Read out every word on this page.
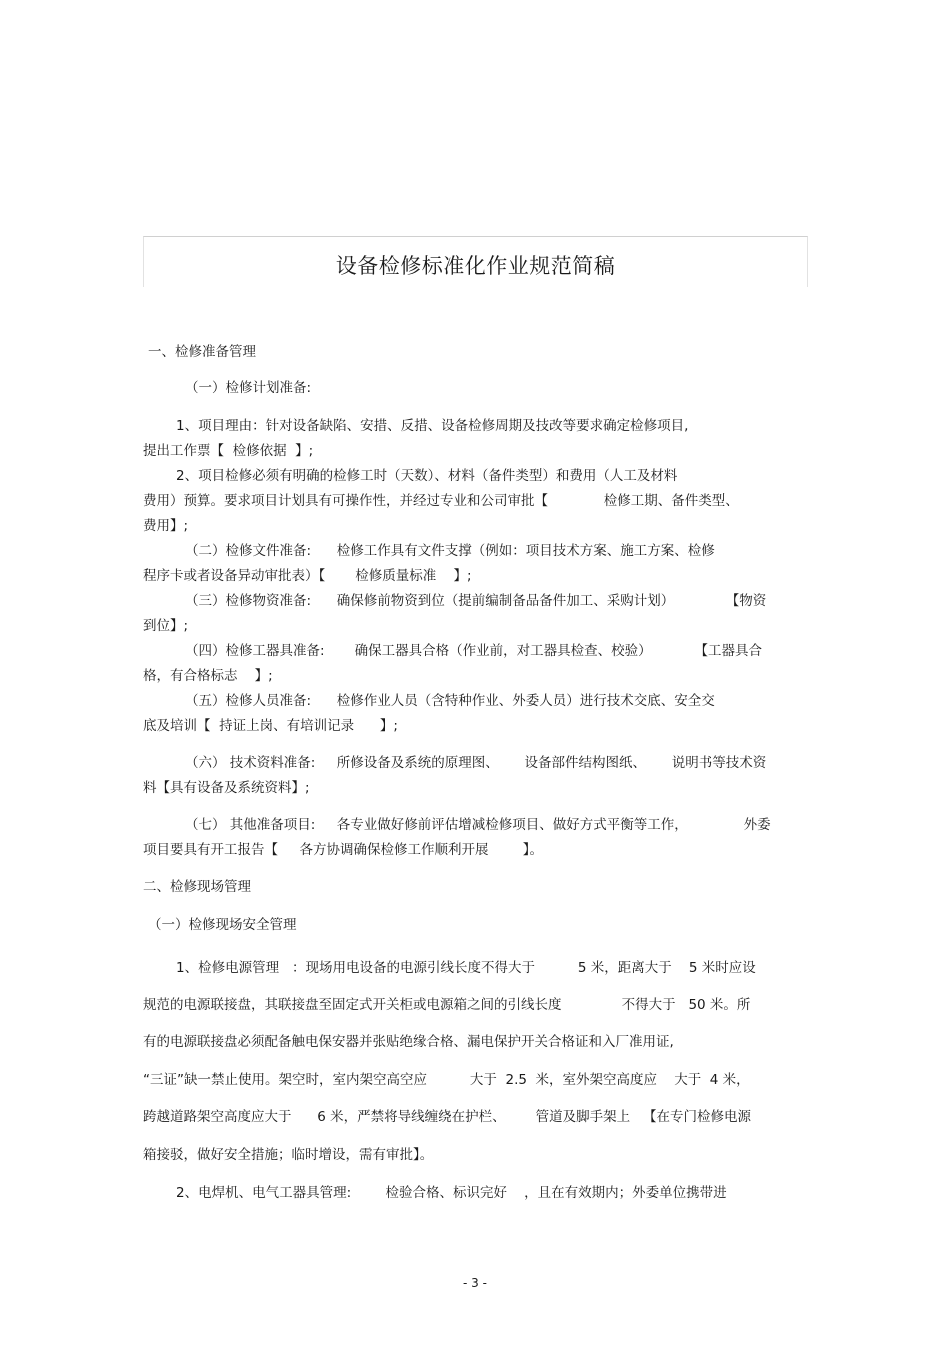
设备检修标准化作业规范简稿

一、检修准备管理

（一）检修计划准备:

1、项目理由：针对设备缺陷、安措、反措、设备检修周期及技改等要求确定检修项目,

提出工作票【  检修依据  】;

2、项目检修必须有明确的检修工时（天数）、材料（备件类型）和费用（人工及材料

费用）预算。要求项目计划具有可操作性，并经过专业和公司审批【             检修工期、备件类型、

费用】;

（二）检修文件准备:      检修工作具有文件支撑（例如：项目技术方案、施工方案、检修

程序卡或者设备异动审批表）【       检修质量标准    】;

（三）检修物资准备:      确保修前物资到位（提前编制备品备件加工、采购计划）            【物资

到位】;

（四）检修工器具准备:       确保工器具合格（作业前，对工器具检查、校验）          【工器具合

格，有合格标志    】;

（五）检修人员准备:      检修作业人员（含特种作业、外委人员）进行技术交底、安全交

底及培训【  持证上岗、有培训记录      】;

（六） 技术资料准备:     所修设备及系统的原理图、      设备部件结构图纸、      说明书等技术资

料【具有设备及系统资料】;

（七） 其他准备项目:     各专业做好修前评估增减检修项目、做好方式平衡等工作，             外委

项目要具有开工报告【     各方协调确保检修工作顺利开展        】。

二、检修现场管理

（一）检修现场安全管理

1、检修电源管理   ：现场用电设备的电源引线长度不得大于          5 米，距离大于    5 米时应设

规范的电源联接盘，其联接盘至固定式开关柜或电源箱之间的引线长度              不得大于   50 米。所

有的电源联接盘必须配备触电保安器并张贴绝缘合格、漏电保护开关合格证和入厂准用证,

“三证”缺一禁止使用。架空时，室内架空高空应          大于  2.5  米，室外架空高度应    大于  4 米，

跨越道路架空高度应大于      6 米，严禁将导线缠绕在护栏、       管道及脚手架上   【在专门检修电源

箱接驳，做好安全措施；临时增设，需有审批】。

2、电焊机、电气工器具管理:        检验合格、标识完好    ，且在有效期内；外委单位携带进

- 3 -
